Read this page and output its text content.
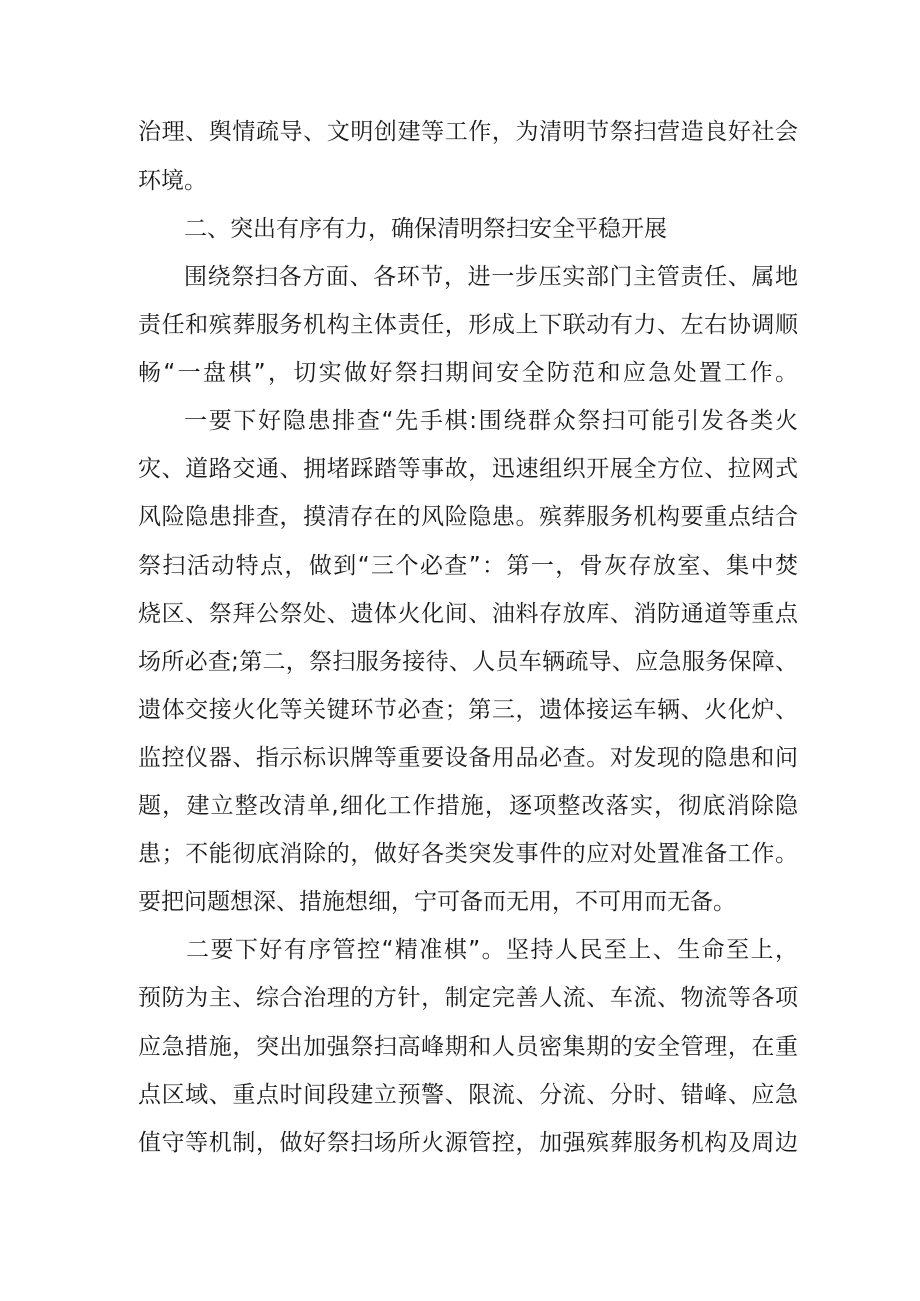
治理、舆情疏导、文明创建等工作，为清明节祭扫营造良好社会
环境。
二、突出有序有力，确保清明祭扫安全平稳开展
围绕祭扫各方面、各环节，进一步压实部门主管责任、属地
责任和殡葬服务机构主体责任，形成上下联动有力、左右协调顺
畅“一盘棋”，切实做好祭扫期间安全防范和应急处置工作。
一要下好隐患排查“先手棋:围绕群众祭扫可能引发各类火
灾、道路交通、拥堵踩踏等事故，迅速组织开展全方位、拉网式
风险隐患排查，摸清存在的风险隐患。殡葬服务机构要重点结合
祭扫活动特点，做到“三个必查”：第一，骨灰存放室、集中焚
烧区、祭拜公祭处、遗体火化间、油料存放库、消防通道等重点
场所必查;第二，祭扫服务接待、人员车辆疏导、应急服务保障、
遗体交接火化等关键环节必查；第三，遗体接运车辆、火化炉、
监控仪器、指示标识牌等重要设备用品必查。对发现的隐患和问
题，建立整改清单,细化工作措施，逐项整改落实，彻底消除隐
患；不能彻底消除的，做好各类突发事件的应对处置准备工作。
要把问题想深、措施想细，宁可备而无用，不可用而无备。
二要下好有序管控“精准棋”。坚持人民至上、生命至上，
预防为主、综合治理的方针，制定完善人流、车流、物流等各项
应急措施，突出加强祭扫高峰期和人员密集期的安全管理，在重
点区域、重点时间段建立预警、限流、分流、分时、错峰、应急
值守等机制，做好祭扫场所火源管控，加强殡葬服务机构及周边
